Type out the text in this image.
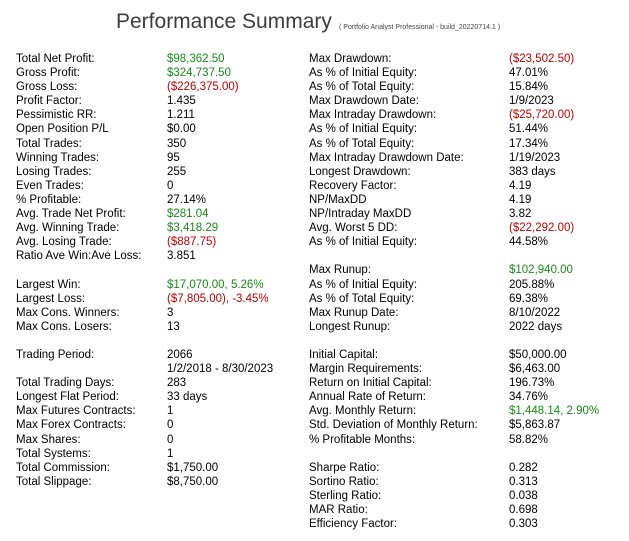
Performance Summary ( Portfolio Analyst Professional - build_20220714.1 )
Total Net Profit:	$98,362.50
Gross Profit:	$324,737.50
Gross Loss:	($226,375.00)
Profit Factor:	1.435
Pessimistic RR:	1.211
Open Position P/L	$0.00
Total Trades:	350
Winning Trades:	95
Losing Trades:	255
Even Trades:	0
% Profitable:	27.14%
Avg. Trade Net Profit:	$281.04
Avg. Winning Trade:	$3,418.29
Avg. Losing Trade:	($887.75)
Ratio Ave Win:Ave Loss: 3.851
Largest Win:	$17,070.00, 5.26%
Largest Loss:	($7,805.00), -3.45%
Max Cons. Winners:	3
Max Cons. Losers:	13
Trading Period:	2066
1/2/2018 - 8/30/2023
Total Trading Days:	283
Longest Flat Period:	33 days
Max Futures Contracts:	1
Max Forex Contracts:	0
Max Shares:	0
Total Systems:	1
Total Commission:	$1,750.00
Total Slippage:	$8,750.00
Max Drawdown:	($23,502.50)
As % of Initial Equity:	47.01%
As % of Total Equity:	15.84%
Max Drawdown Date:	1/9/2023
Max Intraday Drawdown:	($25,720.00)
As % of Initial Equity:	51.44%
As % of Total Equity:	17.34%
Max Intraday Drawdown Date:	1/19/2023
Longest Drawdown:	383 days
Recovery Factor:	4.19
NP/MaxDD	4.19
NP/Intraday MaxDD	3.82
Avg. Worst 5 DD:	($22,292.00)
As % of Initial Equity:	44.58%
Max Runup:	$102,940.00
As % of Initial Equity:	205.88%
As % of Total Equity:	69.38%
Max Runup Date:	8/10/2022
Longest Runup:	2022 days
Initial Capital:	$50,000.00
Margin Requirements:	$6,463.00
Return on Initial Capital:	196.73%
Annual Rate of Return:	34.76%
Avg. Monthly Return:	$1,448.14, 2.90%
Std. Deviation of Monthly Return:	$5,863.87
% Profitable Months:	58.82%
Sharpe Ratio:	0.282
Sortino Ratio:	0.313
Sterling Ratio:	0.038
MAR Ratio:	0.698
Efficiency Factor:	0.303
